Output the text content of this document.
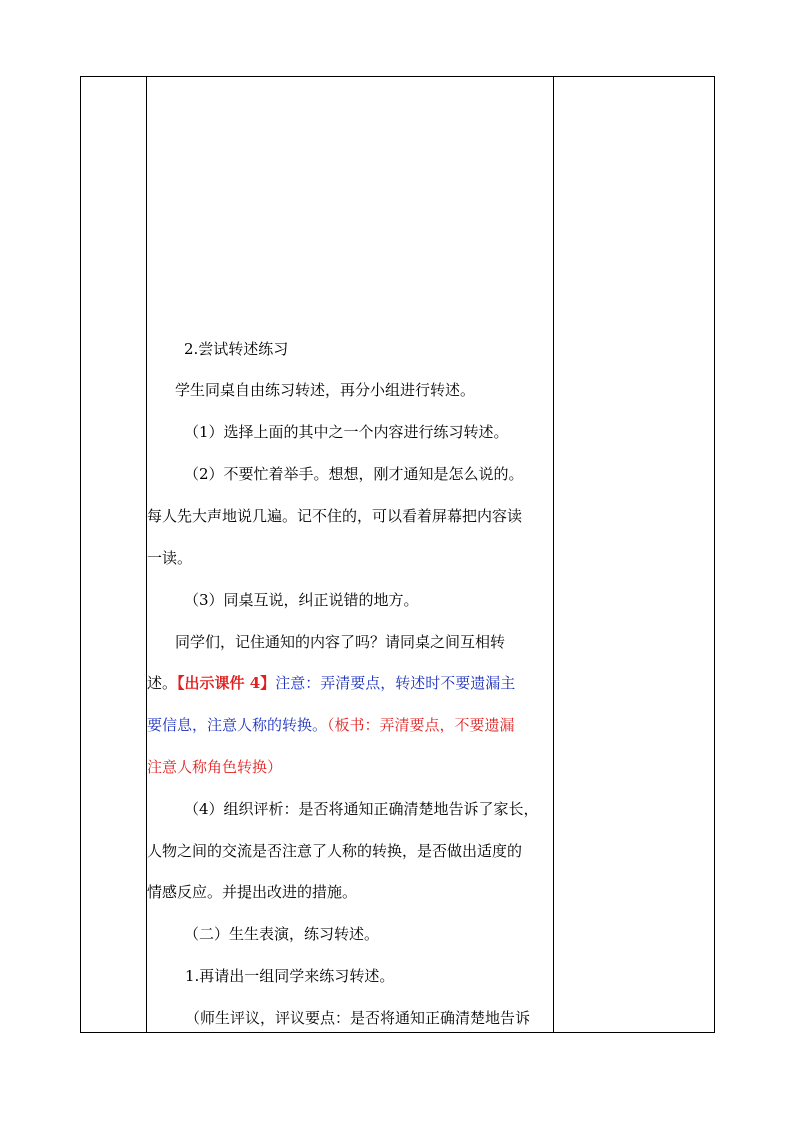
2.尝试转述练习
学生同桌自由练习转述，再分小组进行转述。
（1）选择上面的其中之一个内容进行练习转述。
（2）不要忙着举手。想想，刚才通知是怎么说的。
每人先大声地说几遍。记不住的，可以看着屏幕把内容读
一读。
（3）同桌互说，纠正说错的地方。
同学们，记住通知的内容了吗？请同桌之间互相转
述。【出示课件 4】注意：弄清要点，转述时不要遗漏主
要信息，注意人称的转换。（板书：弄清要点，不要遗漏
注意人称角色转换）
（4）组织评析：是否将通知正确清楚地告诉了家长，
人物之间的交流是否注意了人称的转换，是否做出适度的
情感反应。并提出改进的措施。
（二）生生表演，练习转述。
1.再请出一组同学来练习转述。
（师生评议，评议要点：是否将通知正确清楚地告诉
